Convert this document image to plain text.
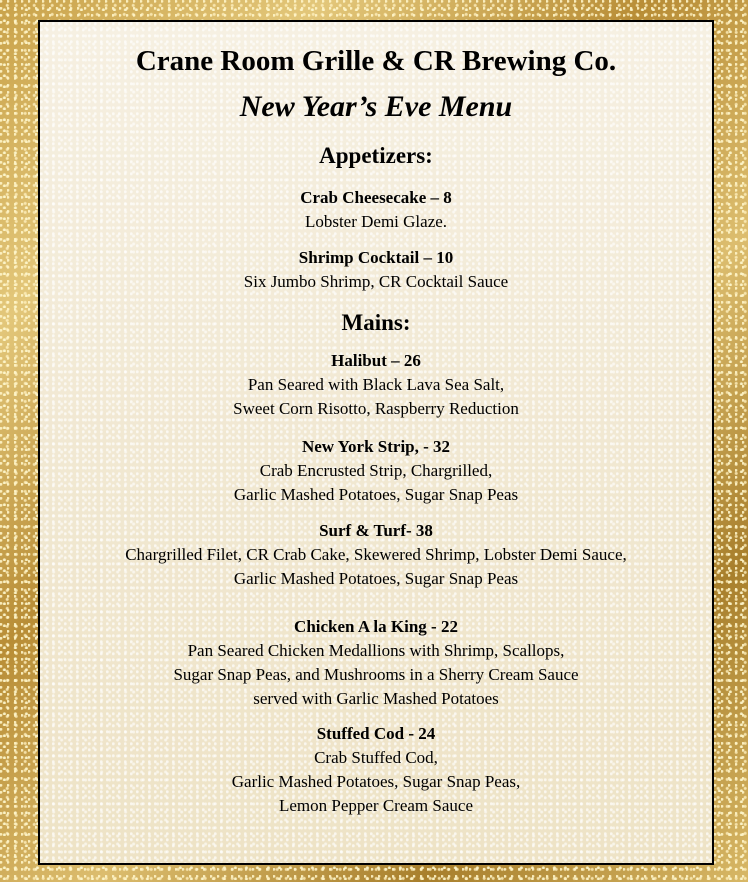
Crane Room Grille & CR Brewing Co.
New Year’s Eve Menu
Appetizers:
Crab Cheesecake – 8
Lobster Demi Glaze.
Shrimp Cocktail – 10
Six Jumbo Shrimp, CR Cocktail Sauce
Mains:
Halibut – 26
Pan Seared with Black Lava Sea Salt,
Sweet Corn Risotto, Raspberry Reduction
New York Strip, - 32
Crab Encrusted Strip, Chargrilled,
Garlic Mashed Potatoes, Sugar Snap Peas
Surf & Turf- 38
Chargrilled Filet, CR Crab Cake, Skewered Shrimp, Lobster Demi Sauce,
Garlic Mashed Potatoes, Sugar Snap Peas
Chicken A la King - 22
Pan Seared Chicken Medallions with Shrimp, Scallops,
Sugar Snap Peas, and Mushrooms in a Sherry Cream Sauce
served with Garlic Mashed Potatoes
Stuffed Cod - 24
Crab Stuffed Cod,
Garlic Mashed Potatoes, Sugar Snap Peas,
Lemon Pepper Cream Sauce
